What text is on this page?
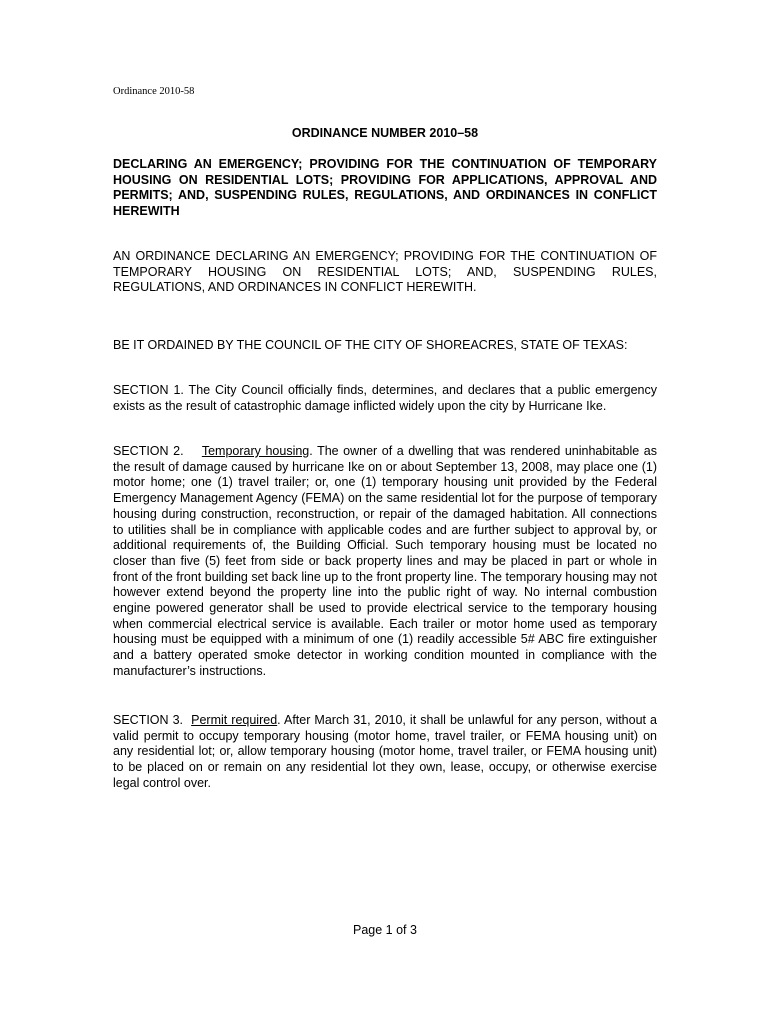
Ordinance 2010-58
ORDINANCE NUMBER 2010–58

DECLARING AN EMERGENCY; PROVIDING FOR THE CONTINUATION OF TEMPORARY HOUSING ON RESIDENTIAL LOTS; PROVIDING FOR APPLICATIONS, APPROVAL AND PERMITS; AND, SUSPENDING RULES, REGULATIONS, AND ORDINANCES IN CONFLICT HEREWITH

AN ORDINANCE DECLARING AN EMERGENCY; PROVIDING FOR THE CONTINUATION OF TEMPORARY HOUSING ON RESIDENTIAL LOTS; AND, SUSPENDING RULES, REGULATIONS, AND ORDINANCES IN CONFLICT HEREWITH.

BE IT ORDAINED BY THE COUNCIL OF THE CITY OF SHOREACRES, STATE OF TEXAS:

SECTION 1. The City Council officially finds, determines, and declares that a public emergency exists as the result of catastrophic damage inflicted widely upon the city by Hurricane Ike.

SECTION 2. Temporary housing. The owner of a dwelling that was rendered uninhabitable as the result of damage caused by hurricane Ike on or about September 13, 2008, may place one (1) motor home; one (1) travel trailer; or, one (1) temporary housing unit provided by the Federal Emergency Management Agency (FEMA) on the same residential lot for the purpose of temporary housing during construction, reconstruction, or repair of the damaged habitation. All connections to utilities shall be in compliance with applicable codes and are further subject to approval by, or additional requirements of, the Building Official. Such temporary housing must be located no closer than five (5) feet from side or back property lines and may be placed in part or whole in front of the front building set back line up to the front property line. The temporary housing may not however extend beyond the property line into the public right of way. No internal combustion engine powered generator shall be used to provide electrical service to the temporary housing when commercial electrical service is available. Each trailer or motor home used as temporary housing must be equipped with a minimum of one (1) readily accessible 5# ABC fire extinguisher and a battery operated smoke detector in working condition mounted in compliance with the manufacturer’s instructions.

SECTION 3. Permit required. After March 31, 2010, it shall be unlawful for any person, without a valid permit to occupy temporary housing (motor home, travel trailer, or FEMA housing unit) on any residential lot; or, allow temporary housing (motor home, travel trailer, or FEMA housing unit) to be placed on or remain on any residential lot they own, lease, occupy, or otherwise exercise legal control over.

Page 1 of 3
